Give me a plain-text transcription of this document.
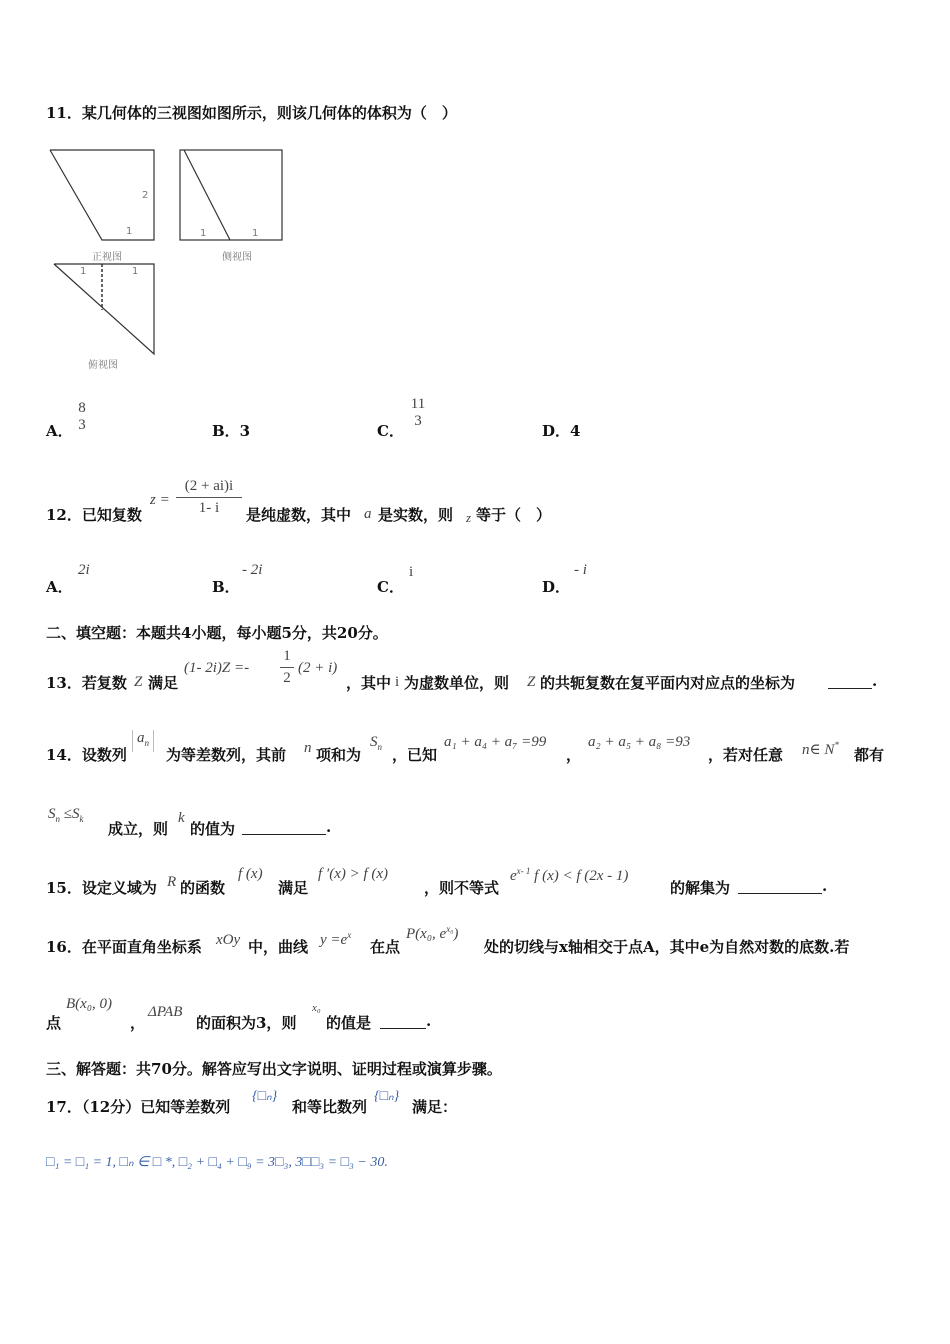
11．某几何体的三视图如图所示，则该几何体的体积为（　）
2
1
正视图
1	1
侧视图
1	1
俯视图
A．
8
3	B．3	C．
11
3
D．4
12．已知复数
z =
(2 + ai)i
1- i	是纯虚数，其中 a 是实数，则 z 等于（　）
A．
2i
B．
- 2i
C．
i
D．
- i
二、填空题：本题共4小题，每小题5分，共20分。
13．若复数 Z 满足
(1- 2i)Z =-
1
2
(2 + i)
，其中 i 为虚数单位，则 Z 的共轭复数在复平面内对应点的坐标为	.
14．设数列
$a_n$
为等差数列，其前 n 项和为
$S_n$ ，已知
a₁ + a₄ + a₇ =99
，
a₂ + a₅ + a₈ =93
，若对任意 n∈ N*
都有
$S_n \le S_k$
成立，则
k
的值为	.
15．设定义域为 R 的函数
f (x)
满足
f ′(x) > f (x)
，则不等式
$e^{x- 1}$ f (x) < f (2x - 1)
的解集为	.
16．在平面直角坐标系 xOy 中，曲线 $y =e^x$
在点
P(x₀, $e^{x_0}$)
处的切线与x轴相交于点A，其中e为自然对数的底数.若
点
B(x₀, 0)
，
ΔPAB
的面积为3，则
x₀
的值是	.
三、解答题：共70分。解答应写出文字说明、证明过程或演算步骤。
17．（12分）已知等差数列
{□ₙ}
和等比数列
{□ₙ}
满足：
□₁ = □₁ = 1, □ₙ ∈ □ *, □₂ + □₄ + □₉ = 3□₃, 3□□₃ = □₃ − 30.
